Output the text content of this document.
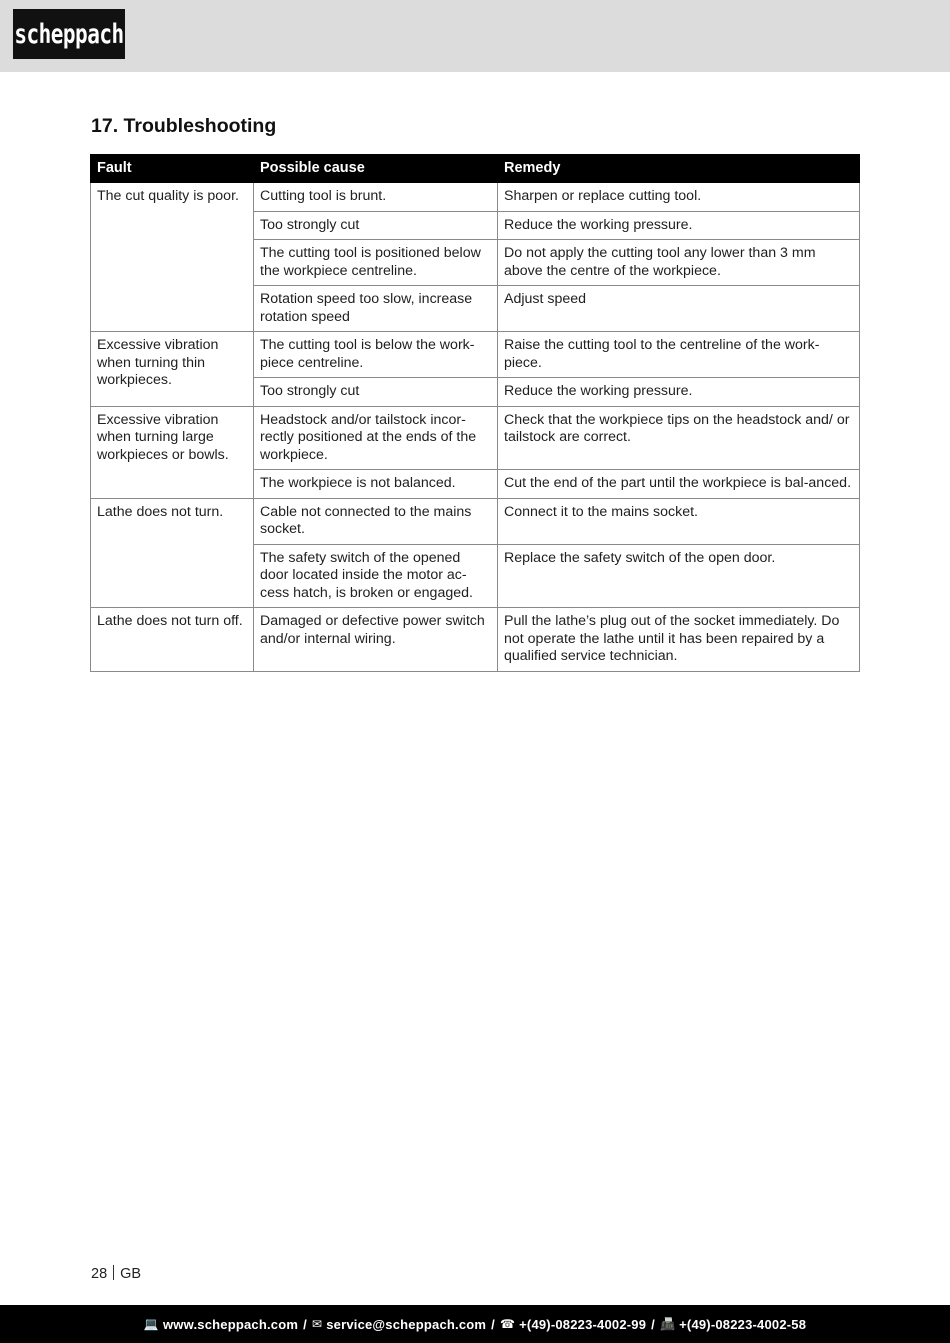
scheppach
17. Troubleshooting
Fault	Possible cause	Remedy
The cut quality is poor.	Cutting tool is brunt.	Sharpen or replace cutting tool.
	Too strongly cut	Reduce the working pressure.
	The cutting tool is positioned below the workpiece centreline.	Do not apply the cutting tool any lower than 3 mm above the centre of the workpiece.
	Rotation speed too slow, increase rotation speed	Adjust speed
Excessive vibration when turning thin workpieces.	The cutting tool is below the work-piece centreline.	Raise the cutting tool to the centreline of the work-piece.
	Too strongly cut	Reduce the working pressure.
Excessive vibration when turning large workpieces or bowls.	Headstock and/or tailstock incor-rectly positioned at the ends of the workpiece.	Check that the workpiece tips on the headstock and/ or tailstock are correct.
	The workpiece is not balanced.	Cut the end of the part until the workpiece is bal-anced.
Lathe does not turn.	Cable not connected to the mains socket.	Connect it to the mains socket.
	The safety switch of the opened door located inside the motor ac-cess hatch, is broken or engaged.	Replace the safety switch of the open door.
Lathe does not turn off.	Damaged or defective power switch and/or internal wiring.	Pull the lathe’s plug out of the socket immediately. Do not operate the lathe until it has been repaired by a qualified service technician.
28 GB
💻 www.scheppach.com / ✉ service@scheppach.com / ☎ +(49)-08223-4002-99 / 📠 +(49)-08223-4002-58
